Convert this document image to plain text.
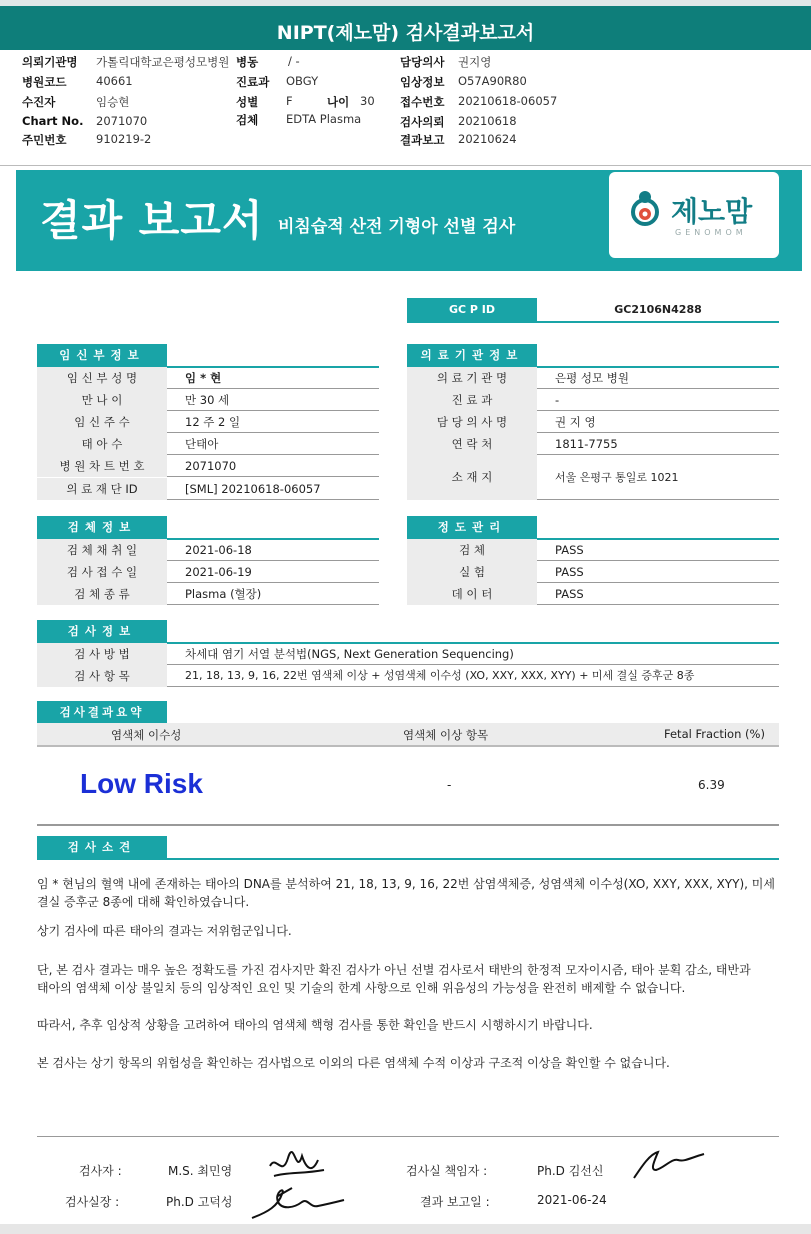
NIPT(제노맘) 검사결과보고서
의뢰기관명 가톨릭대학교은평성모병원
병원코드	40661
수진자	임승현
Chart No. 2071070
주민번호	910219-2
병동	/ -
진료과 OBGY
성별 F	나이 30
검체 EDTA Plasma
담당의사 권지영
임상정보 O57A90R80
접수번호 20210618-06057
검사의뢰 20210618
결과보고 20210624
결과 보고서 비침습적 산전 기형아 선별 검사	제노맘
GENOMOM
GC P ID	GC2106N4288
임신부정보	의료기관정보
임 신 부 성 명	임 * 현
만 나 이	만 30 세
임 신 주 수	12 주 2 일
태 아 수	단태아
병 원 차 트 번 호	2071070
의 료 재 단 ID	[SML] 20210618-06057
의 료 기 관 명	은평 성모 병원
진 료 과	-
담 당 의 사 명	권 지 영
연 락 처	1811-7755
소 재 지	서울 은평구 통일로 1021
검체정보	정도관리
검 체 채 취 일	2021-06-18
검 사 접 수 일	2021-06-19
검 체 종 류	Plasma (혈장)
검 체	PASS
실 험	PASS
데 이 터	PASS
검사정보
검 사 방 법	차세대 염기 서열 분석법(NGS, Next Generation Sequencing)
검 사 항 목	21, 18, 13, 9, 16, 22번 염색체 이상 + 성염색체 이수성 (XO, XXY, XXX, XYY) + 미세 결실 증후군 8종
검사결과요약
염색체 이수성	염색체 이상 항목	Fetal Fraction (%)
Low Risk	-	6.39
검사소견
임 * 현님의 혈액 내에 존재하는 태아의 DNA를 분석하여 21, 18, 13, 9, 16, 22번 삼염색체증, 성염색체 이수성(XO, XXY, XXX, XYY), 미세 결실 증후군 8종에 대해 확인하였습니다.
상기 검사에 따른 태아의 결과는 저위험군입니다.
단, 본 검사 결과는 매우 높은 정확도를 가진 검사지만 확진 검사가 아닌 선별 검사로서 태반의 한정적 모자이시즘, 태아 분획 감소, 태반과 태아의 염색체 이상 불일치 등의 임상적인 요인 및 기술의 한계 사항으로 인해 위음성의 가능성을 완전히 배제할 수 없습니다.
따라서, 추후 임상적 상황을 고려하여 태아의 염색체 핵형 검사를 통한 확인을 반드시 시행하시기 바랍니다.
본 검사는 상기 항목의 위험성을 확인하는 검사법으로 이외의 다른 염색체 수적 이상과 구조적 이상을 확인할 수 없습니다.
검사자 :	M.S. 최민영	검사실 책임자 :	Ph.D 김선신
검사실장 :	Ph.D 고덕성	결과 보고일 :	2021-06-24
